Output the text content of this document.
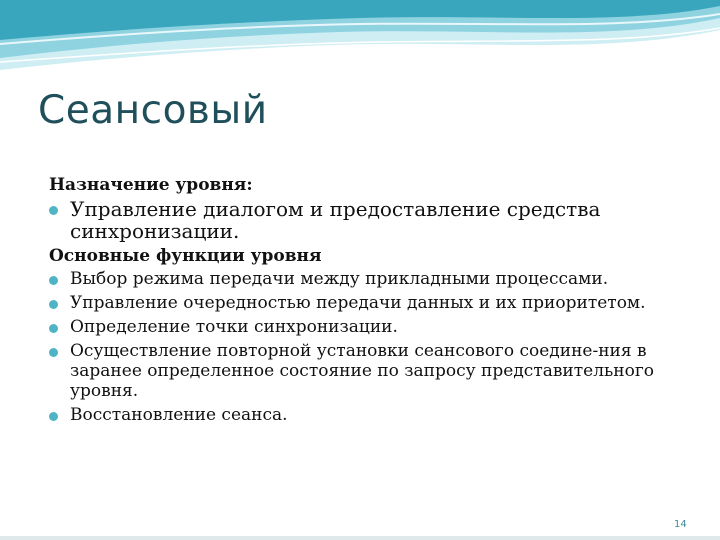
Сеансовый
Назначение уровня:
Управление диалогом и предоставление средства синхронизации.
Основные функции уровня
Выбор режима передачи между прикладными процессами.
Управление очередностью передачи данных и их приоритетом.
Определение точки синхронизации.
Осуществление повторной установки сеансового соедине-ния в заранее определенное состояние по запросу представительного уровня.
Восстановление сеанса.
14
